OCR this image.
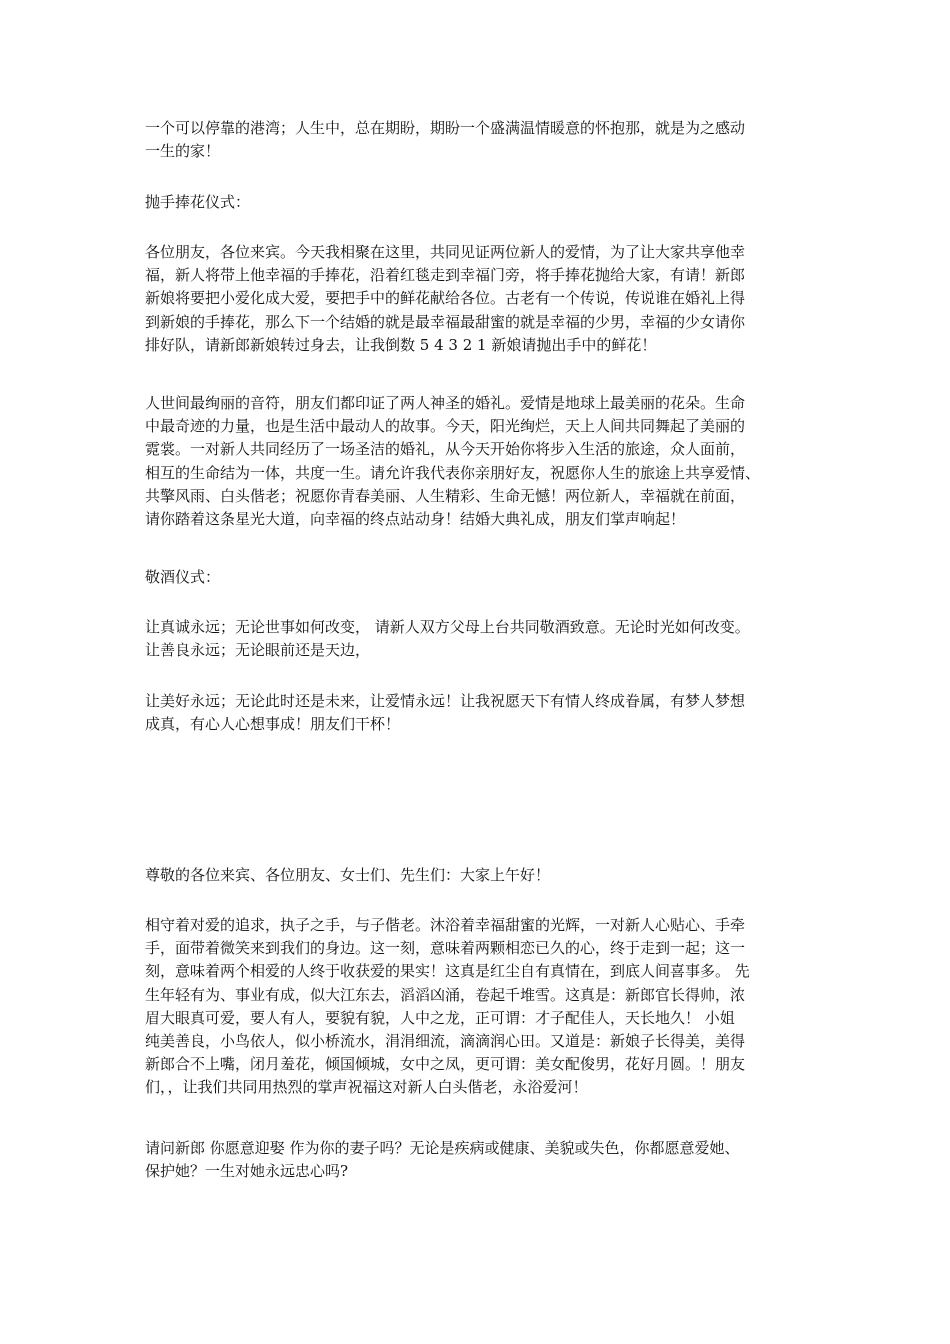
一个可以停靠的港湾；人生中，总在期盼，期盼一个盛满温情暖意的怀抱那，就是为之感动
一生的家！

抛手捧花仪式：

各位朋友，各位来宾。今天我相聚在这里，共同见证两位新人的爱情，为了让大家共享他幸
福，新人将带上他幸福的手捧花，沿着红毯走到幸福门旁，将手捧花抛给大家，有请！新郎
新娘将要把小爱化成大爱，要把手中的鲜花献给各位。古老有一个传说，传说谁在婚礼上得
到新娘的手捧花，那么下一个结婚的就是最幸福最甜蜜的就是幸福的少男，幸福的少女请你
排好队，请新郎新娘转过身去，让我倒数 5 4 3 2 1 新娘请抛出手中的鲜花！

人世间最绚丽的音符，朋友们都印证了两人神圣的婚礼。爱情是地球上最美丽的花朵。生命
中最奇迹的力量，也是生活中最动人的故事。今天，阳光绚烂，天上人间共同舞起了美丽的
霓裳。一对新人共同经历了一场圣洁的婚礼，从今天开始你将步入生活的旅途，众人面前，
相互的生命结为一体，共度一生。请允许我代表你亲朋好友，祝愿你人生的旅途上共享爱情、
共擎风雨、白头偕老；祝愿你青春美丽、人生精彩、生命无憾！两位新人，幸福就在前面，
请你踏着这条星光大道，向幸福的终点站动身！结婚大典礼成，朋友们掌声响起！

敬酒仪式：

让真诚永远；无论世事如何改变， 请新人双方父母上台共同敬酒致意。无论时光如何改变。
让善良永远；无论眼前还是天边，

让美好永远；无论此时还是未来，让爱情永远！让我祝愿天下有情人终成眷属，有梦人梦想
成真，有心人心想事成！朋友们干杯！

尊敬的各位来宾、各位朋友、女士们、先生们：大家上午好！

相守着对爱的追求，执子之手，与子偕老。沐浴着幸福甜蜜的光辉，一对新人心贴心、手牵
手，面带着微笑来到我们的身边。这一刻，意味着两颗相恋已久的心，终于走到一起；这一
刻，意味着两个相爱的人终于收获爱的果实！这真是红尘自有真情在，到底人间喜事多。 先
生年轻有为、事业有成，似大江东去，滔滔凶涌，卷起千堆雪。这真是：新郎官长得帅，浓
眉大眼真可爱，要人有人，要貌有貌，人中之龙，正可谓：才子配佳人，天长地久！ 小姐
纯美善良，小鸟依人，似小桥流水，涓涓细流，滴滴润心田。又道是：新娘子长得美，美得
新郎合不上嘴，闭月羞花，倾国倾城，女中之凤，更可谓：美女配俊男，花好月圆。！朋友
们，，让我们共同用热烈的掌声祝福这对新人白头偕老，永浴爱河！

请问新郎 你愿意迎娶 作为你的妻子吗？无论是疾病或健康、美貌或失色，你都愿意爱她、
保护她？一生对她永远忠心吗?
